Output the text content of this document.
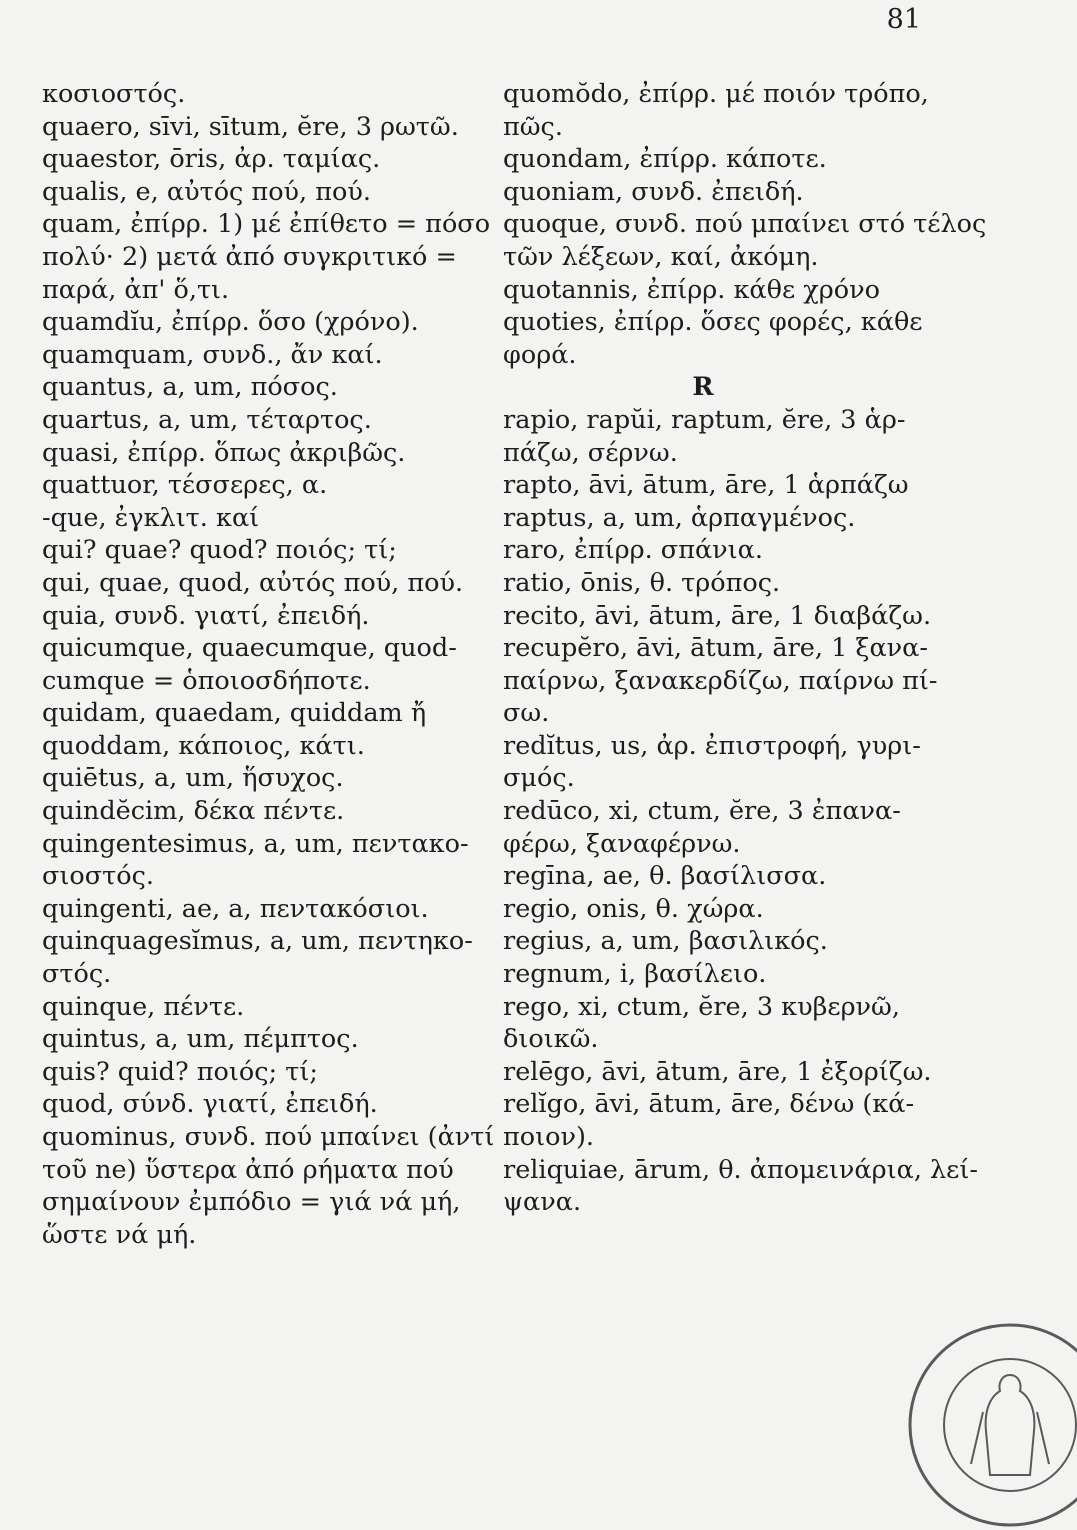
81
κοσιοστός.
quaero, sīvi, sītum, ĕre, 3 ρωτῶ.
quaestor, ōris, ἀρ. ταμίας.
qualis, e, αὐτός πού, πού.
quam, ἐπίρρ. 1) μέ ἐπίθετο = πόσο
πολύ· 2) μετά ἀπό συγκριτικό =
παρά, ἀπ' ὅ,τι.
quamdĭu, ἐπίρρ. ὅσο (χρόνο).
quamquam, συνδ., ἄν καί.
quantus, a, um, πόσος.
quartus, a, um, τέταρτος.
quasi, ἐπίρρ. ὅπως ἀκριβῶς.
quattuor, τέσσερες, α.
-que, ἐγκλιτ. καί
qui? quae? quod? ποιός; τί;
qui, quae, quod, αὐτός πού, πού.
quia, συνδ. γιατί, ἐπειδή.
quicumque, quaecumque, quod-
cumque = ὁποιοσδήποτε.
quidam, quaedam, quiddam ἤ
quoddam, κάποιος, κάτι.
quiētus, a, um, ἥσυχος.
quindĕcim, δέκα πέντε.
quingentesimus, a, um, πεντακο-
σιοστός.
quingenti, ae, a, πεντακόσιοι.
quinquagesĭmus, a, um, πεντηκο-
στός.
quinque, πέντε.
quintus, a, um, πέμπτος.
quis? quid? ποιός; τί;
quod, σύνδ. γιατί, ἐπειδή.
quominus, συνδ. πού μπαίνει (ἀντί
τοῦ ne) ὕστερα ἀπό ρήματα πού
σημαίνουν ἐμπόδιο = γιά νά μή,
ὥστε νά μή.
quomŏdo, ἐπίρρ. μέ ποιόν τρόπο,
πῶς.
quondam, ἐπίρρ. κάποτε.
quoniam, συνδ. ἐπειδή.
quoque, συνδ. πού μπαίνει στό τέλος
τῶν λέξεων, καί, ἀκόμη.
quotannis, ἐπίρρ. κάθε χρόνο
quoties, ἐπίρρ. ὅσες φορές, κάθε
φορά.
R
rapio, rapŭi, raptum, ĕre, 3 ἁρ-
πάζω, σέρνω.
rapto, āvi, ātum, āre, 1 ἁρπάζω
raptus, a, um, ἁρπαγμένος.
raro, ἐπίρρ. σπάνια.
ratio, ōnis, θ. τρόπος.
recito, āvi, ātum, āre, 1 διαβάζω.
recupĕro, āvi, ātum, āre, 1 ξανα-
παίρνω, ξανακερδίζω, παίρνω πί-
σω.
redĭtus, us, ἀρ. ἐπιστροφή, γυρι-
σμός.
redūco, xi, ctum, ĕre, 3 ἐπανα-
φέρω, ξαναφέρνω.
regīna, ae, θ. βασίλισσα.
regio, onis, θ. χώρα.
regius, a, um, βασιλικός.
regnum, i, βασίλειο.
rego, xi, ctum, ĕre, 3 κυβερνῶ,
διοικῶ.
relēgo, āvi, ātum, āre, 1 ἐξορίζω.
relĭgo, āvi, ātum, āre, δένω (κά-
ποιον).
reliquiae, ārum, θ. ἀπομεινάρια, λεί-
ψανα.
